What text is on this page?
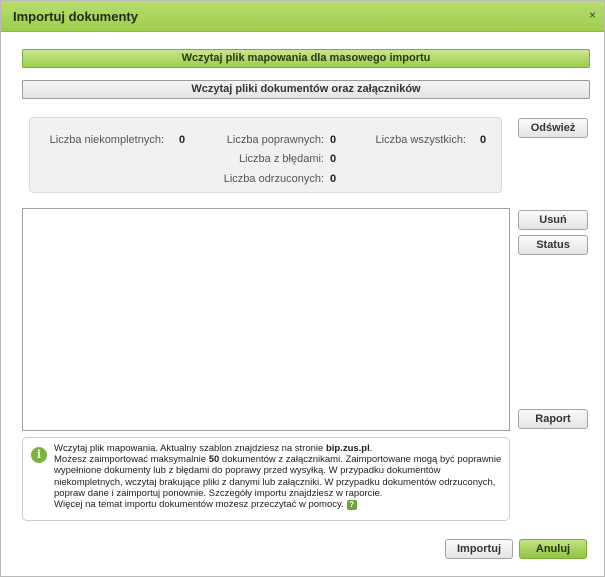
Importuj dokumenty	×
Wczytaj plik mapowania dla masowego importu
Wczytaj pliki dokumentów oraz załączników
Liczba niekompletnych: 0	Liczba poprawnych: 0	Liczba wszystkich: 0
Liczba z błędami: 0
Liczba odrzuconych: 0
Odśwież
Usuń
Status
Raport
i	Wczytaj plik mapowania. Aktualny szablon znajdziesz na stronie bip.zus.pl.

Możesz zaimportować maksymalnie 50 dokumentów z załącznikami. Zaimportowane mogą być poprawnie wypełnione dokumenty lub z błędami do poprawy przed wysyłką. W przypadku dokumentów niekompletnych, wczytaj brakujące pliki z danymi lub załączniki. W przypadku dokumentów odrzuconych, popraw dane i zaimportuj ponownie. Szczegóły importu znajdziesz w raporcie.

Więcej na temat importu dokumentów możesz przeczytać w pomocy. ?

Importuj	Anuluj
